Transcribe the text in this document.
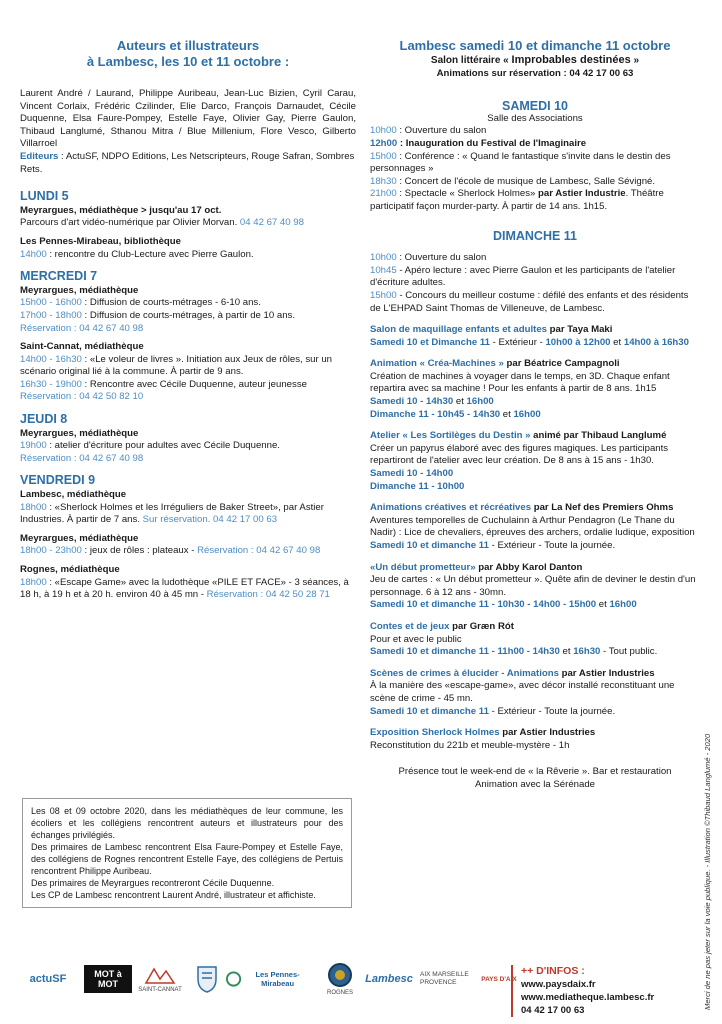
Auteurs et illustrateurs
à Lambesc, les 10 et 11 octobre :

Laurent André / Laurand, Philippe Auribeau, Jean-Luc Bizien, Cyril Carau, Vincent Corlaix, Frédéric Czilinder, Elie Darco, François Darnaudet, Cécile Duquenne, Elsa Faure-Pompey, Estelle Faye, Olivier Gay, Pierre Gaulon, Thibaud Langlumé, Sthanou Mitra / Blue Millenium, Flore Vesco, Gilberto Villarroel

Editeurs : ActuSF, NDPO Editions, Les Netscripteurs, Rouge Safran, Sombres Rets.

LUNDI 5
Meyrargues, médiathèque > jusqu'au 17 oct.

Parcours d'art vidéo-numérique par Olivier Morvan. 04 42 67 40 98

Les Pennes-Mirabeau, bibliothèque

14h00 : rencontre du Club-Lecture avec Pierre Gaulon.

MERCREDI 7
Meyrargues, médiathèque

15h00 - 16h00 : Diffusion de courts-métrages - 6-10 ans.

17h00 - 18h00 : Diffusion de courts-métrages, à partir de 10 ans.

Réservation : 04 42 67 40 98

Saint-Cannat, médiathèque

14h00 - 16h30 : «Le voleur de livres ». Initiation aux Jeux de rôles, sur un scénario original lié à la commune. À partir de 9 ans.

16h30 - 19h00 : Rencontre avec Cécile Duquenne, auteur jeunesse

Réservation : 04 42 50 82 10

JEUDI 8
Meyrargues, médiathèque

19h00 : atelier d'écriture pour adultes avec Cécile Duquenne.

Réservation : 04 42 67 40 98

VENDREDI 9
Lambesc, médiathèque

18h00 : «Sherlock Holmes et les Irréguliers de Baker Street», par Astier Industries. À partir de 7 ans. Sur réservation. 04 42 17 00 63

Meyrargues, médiathèque

18h00 - 23h00 : jeux de rôles : plateaux - Réservation : 04 42 67 40 98

Rognes, médiathèque

18h00 : «Escape Game» avec la ludothèque «PILE ET FACE» - 3 séances, à 18 h, à 19 h et à 20 h. environ 40 à 45 mn - Réservation : 04 42 50 28 71

Les 08 et 09 octobre 2020, dans les médiathèques de leur commune, les écoliers et les collégiens rencontrent auteurs et illustrateurs pour des échanges privilégiés.

Des primaires de Lambesc rencontrent Elsa Faure-Pompey et Estelle Faye, des collégiens de Rognes rencontrent Estelle Faye, des collégiens de Pertuis rencontrent Philippe Auribeau.

Des primaires de Meyrargues recontreront Cécile Duquenne.

Les CP de Lambesc rencontrent Laurent André, illustrateur et affichiste.

Lambesc samedi 10 et dimanche 11 octobre
Salon littéraire « Improbables destinées »
Animations sur réservation : 04 42 17 00 63
SAMEDI 10
Salle des Associations

10h00 : Ouverture du salon

12h00 : Inauguration du Festival de l'Imaginaire

15h00 : Conférence : « Quand le fantastique s'invite dans le destin des personnages »

18h30 : Concert de l'école de musique de Lambesc, Salle Sévigné.

21h00 : Spectacle « Sherlock Holmes» par Astier Industrie. Théâtre participatif façon murder-party. À partir de 14 ans. 1h15.

DIMANCHE 11

10h00 : Ouverture du salon

10h45 - Apéro lecture : avec Pierre Gaulon et les participants de l'atelier d'écriture adultes.

15h00 - Concours du meilleur costume : défilé des enfants et des résidents de L'EHPAD Saint Thomas de Villeneuve, de Lambesc.

Salon de maquillage enfants et adultes par Taya Maki

Samedi 10 et Dimanche 11 - Extérieur - 10h00 à 12h00 et 14h00 à 16h30

Animation « Créa-Machines » par Béatrice Campagnoli

Création de machines à voyager dans le temps, en 3D. Chaque enfant repartira avec sa machine ! Pour les enfants à partir de 8 ans. 1h15

Samedi 10 - 14h30 et 16h00

Dimanche 11 - 10h45 - 14h30 et 16h00

Atelier « Les Sortilèges du Destin » animé par Thibaud Langlumé

Créer un papyrus élaboré avec des figures magiques. Les participants repartiront de l'atelier avec leur création. De 8 ans à 15 ans - 1h30.

Samedi 10 - 14h00

Dimanche 11 - 10h00

Animations créatives et récréatives par La Nef des Premiers Ohms

Aventures temporelles de Cuchulainn à Arthur Pendagron (Le Thane du Nadir) : Lice de chevaliers, épreuves des archers, ordalie ludique, exposition

Samedi 10 et dimanche 11 - Extérieur - Toute la journée.

«Un début prometteur» par Abby Karol Danton

Jeu de cartes : « Un début prometteur ». Quête afin de deviner le destin d'un personnage. 6 à 12 ans - 30mn.

Samedi 10 et dimanche 11 - 10h30 - 14h00 - 15h00 et 16h00

Contes et de jeux par Græn Rót

Pour et avec le public

Samedi 10 et dimanche 11 - 11h00 - 14h30 et 16h30 - Tout public.

Scènes de crimes à élucider - Animations par Astier Industries

À la manière des «escape-game», avec décor installé reconstituant une scène de crime - 45 mn.

Samedi 10 et dimanche 11 - Extérieur - Toute la journée.

Exposition Sherlock Holmes par Astier Industries

Reconstitution du 221b et meuble-mystère - 1h

Présence tout le week-end de « la Rêverie ». Bar et restauration

Animation avec la Sérénade	Merci de ne pas jeter sur la voie publique. - Illustration ©Thibaud Langlumé - 2020
actuSF	MOT à MOT
SAINT-CANNAT
Les Pennes-Mirabeau
ROGNES
Lambesc AIX MARSEILLE PROVENCE	PAYS D'AIX
++ D'INFOS :
www.paysdaix.fr
www.mediatheque.lambesc.fr
04 42 17 00 63
